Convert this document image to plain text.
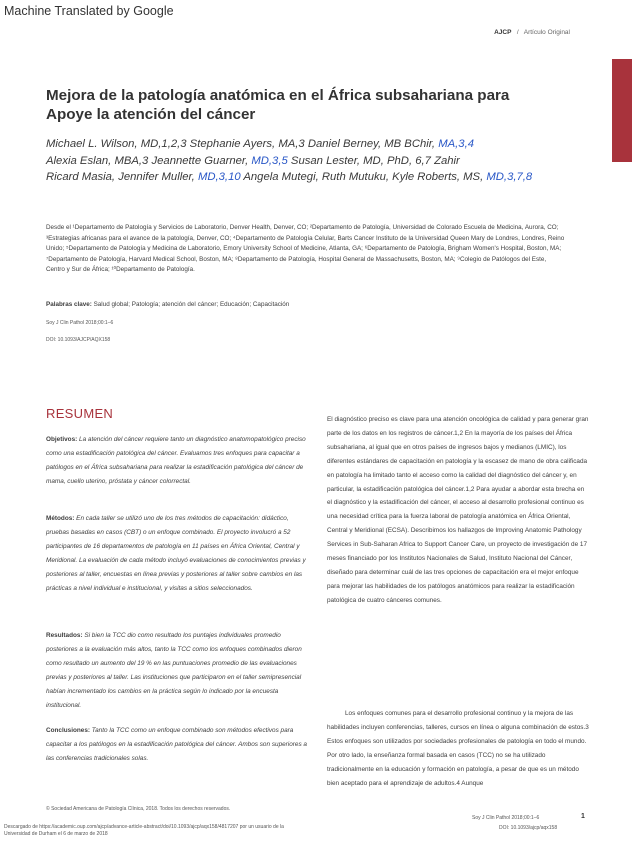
Machine Translated by Google
AJCP / Artículo Original
Mejora de la patología anatómica en el África subsahariana para Apoye la atención del cáncer
Michael L. Wilson, MD,1,2,3 Stephanie Ayers, MA,3 Daniel Berney, MB BChir, MA,3,4
Alexia Eslan, MBA,3 Jeannette Guarner, MD,3,5 Susan Lester, MD, PhD, 6,7 Zahir
Ricard Masia, Jennifer Muller, MD,3,10 Angela Mutegi, Ruth Mutuku, Kyle Roberts, MS, MD,3,7,8
Desde el ¹Departamento de Patología y Servicios de Laboratorio, Denver Health, Denver, CO; ²Departamento de Patología, Universidad de Colorado Escuela de Medicina, Aurora, CO; ³Estrategias africanas para el avance de la patología, Denver, CO; ⁴Departamento de Patología Celular, Barts Cancer Instituto de la Universidad Queen Mary de Londres, Londres, Reino Unido; ⁵Departamento de Patología y Medicina de Laboratorio, Emory University School of Medicine, Atlanta, GA; ⁶Departamento de Patología, Brigham Women's Hospital, Boston, MA; ⁷Departamento de Patología, Harvard Medical School, Boston, MA; ⁸Departamento de Patología, Hospital General de Massachusetts, Boston, MA; ⁹Colegio de Patólogos del Este, Centro y Sur de África; ¹⁰Departamento de Patología.
Palabras clave: Salud global; Patología; atención del cáncer; Educación; Capacitación
Soy J Clin Pathol 2018;00:1–6
DOI: 10.1093/AJCP/AQX158
RESUMEN
Objetivos: La atención del cáncer requiere tanto un diagnóstico anatomopatológico preciso como una estadificación patológica del cáncer. Evaluamos tres enfoques para capacitar a patólogos en el África subsahariana para realizar la estadificación patológica del cáncer de mama, cuello uterino, próstata y cáncer colorrectal.
Métodos: En cada taller se utilizó uno de los tres métodos de capacitación: didáctico, pruebas basadas en casos (CBT) o un enfoque combinado. El proyecto involucró a 52 participantes de 16 departamentos de patología en 11 países en África Oriental, Central y Meridional. La evaluación de cada método incluyó evaluaciones de conocimientos previas y posteriores al taller, encuestas en línea previas y posteriores al taller sobre cambios en las prácticas a nivel individual e institucional, y visitas a sitios seleccionados.
Resultados: Si bien la TCC dio como resultado los puntajes individuales promedio posteriores a la evaluación más altos, tanto la TCC como los enfoques combinados dieron como resultado un aumento del 19 % en las puntuaciones promedio de las evaluaciones previas y posteriores al taller. Las instituciones que participaron en el taller semipresencial habían incrementado los cambios en la práctica según lo indicado por la encuesta institucional.
Conclusiones: Tanto la TCC como un enfoque combinado son métodos efectivos para capacitar a los patólogos en la estadificación patológica del cáncer. Ambos son superiores a las conferencias tradicionales solas.
El diagnóstico preciso es clave para una atención oncológica de calidad y para generar gran parte de los datos en los registros de cáncer.1,2 En la mayoría de los países del África subsahariana, al igual que en otros países de ingresos bajos y medianos (LMIC), los diferentes estándares de capacitación en patología y la escasez de mano de obra calificada en patología ha limitado tanto el acceso como la calidad del diagnóstico del cáncer y, en particular, la estadificación patológica del cáncer.1,2 Para ayudar a abordar esta brecha en el diagnóstico y la estadificación del cáncer, el acceso al desarrollo profesional continuo es una necesidad crítica para la fuerza laboral de patología anatómica en África Oriental, Central y Meridional (ECSA). Describimos los hallazgos de Improving Anatomic Pathology Services in Sub-Saharan Africa to Support Cancer Care, un proyecto de investigación de 17 meses financiado por los Institutos Nacionales de Salud, Instituto Nacional del Cáncer, diseñado para determinar cuál de las tres opciones de capacitación era el mejor enfoque para mejorar las habilidades de los patólogos anatómicos para realizar la estadificación patológica de cuatro cánceres comunes.
Los enfoques comunes para el desarrollo profesional continuo y la mejora de las habilidades incluyen conferencias, talleres, cursos en línea o alguna combinación de estos.3 Estos enfoques son utilizados por sociedades profesionales de patología en todo el mundo. Por otro lado, la enseñanza formal basada en casos (TCC) no se ha utilizado tradicionalmente en la educación y formación en patología, a pesar de que es un método bien aceptado para el aprendizaje de adultos.4 Aunque
© Sociedad Americana de Patología Clínica, 2018. Todos los derechos reservados.
Descargado de https://academic.oup.com/ajcp/advance-article-abstract/doi/10.1093/ajcp/aqx158/4817207 por un usuario de la Universidad de Durham el 6 de marzo de 2018
Soy J Clin Pathol 2018;00:1–6
DOI: 10.1093/ajcp/aqx158
1
